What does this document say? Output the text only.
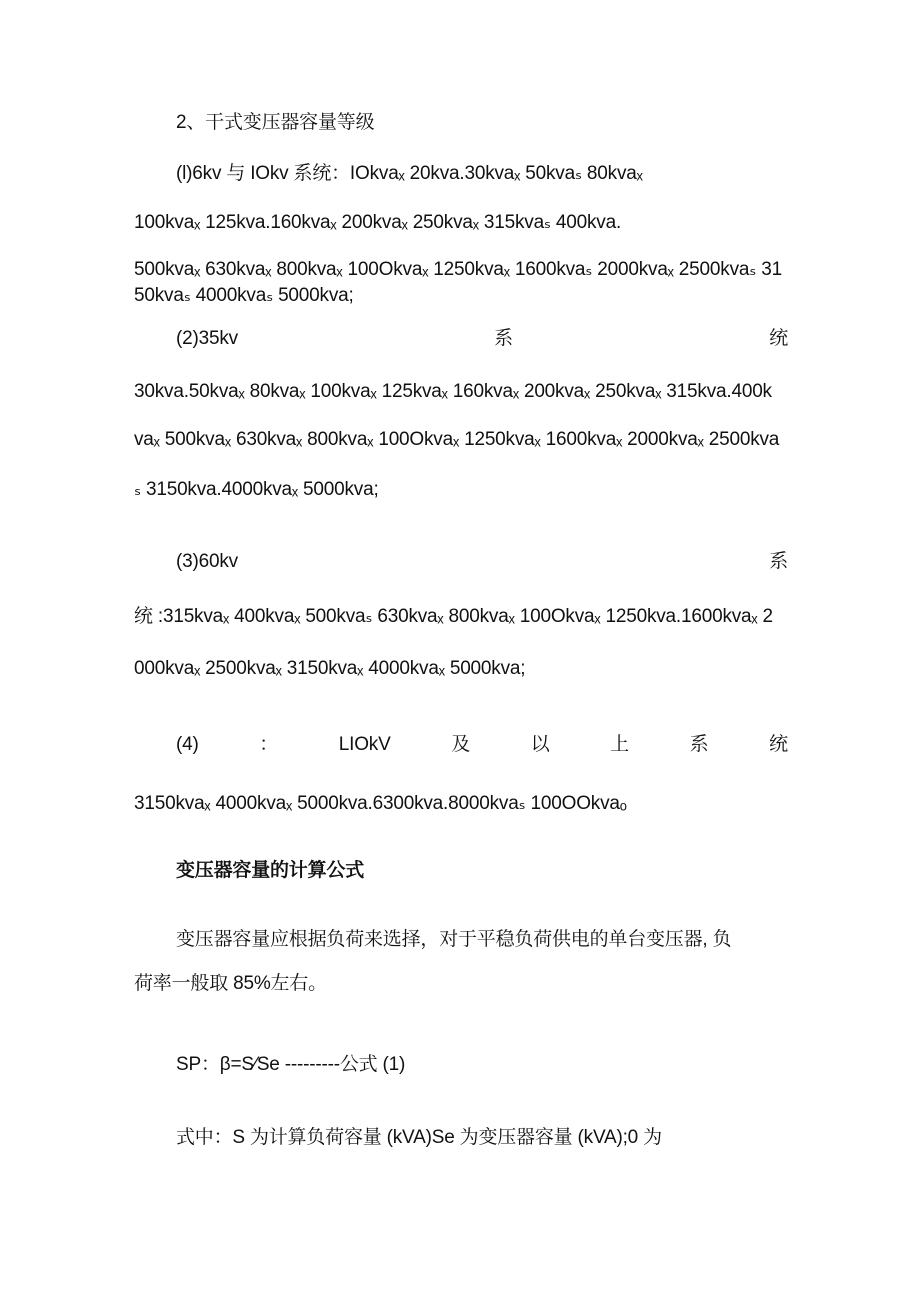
2、干式变压器容量等级
(l)6kv 与 IOkv 系统：IOkvaₓ 20kva.30kvaₓ 50kvaₛ 80kvaₓ
100kvaₓ 125kva.160kvaₓ 200kvaₓ 250kvaₓ 315kvaₛ 400kva.
500kvaₓ 630kvaₓ 800kvaₓ 100Okvaₓ 1250kvaₓ 1600kvaₛ 2000kvaₓ 2500kvaₛ 31
50kvaₛ 4000kvaₛ 5000kva;
(2)35kv	系	统
30kva.50kvaₓ 80kvaₓ 100kvaₓ 125kvaₓ 160kvaₓ 200kvaₓ 250kvaₓ 315kva.400k
vaₓ 500kvaₓ 630kvaₓ 800kvaₓ 100Okvaₓ 1250kvaₓ 1600kvaₓ 2000kvaₓ 2500kva
ₛ 3150kva.4000kvaₓ 5000kva;
(3)60kv	系
统 :315kvaₓ 400kvaₓ 500kvaₛ 630kvaₓ 800kvaₓ 100Okvaₓ 1250kva.1600kvaₓ 2
000kvaₓ 2500kvaₓ 3150kvaₓ 4000kvaₓ 5000kva;
(4)	：	LIOkV	及	以	上	系	统
3150kvaₓ 4000kvaₓ 5000kva.6300kva.8000kvaₛ 100OOkvaₒ
变压器容量的计算公式
变压器容量应根据负荷来选择，对于平稳负荷供电的单台变压器, 负
荷率一般取 85%左右。
SP：β=S⁄Se ---------公式 (1)
式中：S 为计算负荷容量 (kVA)Se 为变压器容量 (kVA);0 为
